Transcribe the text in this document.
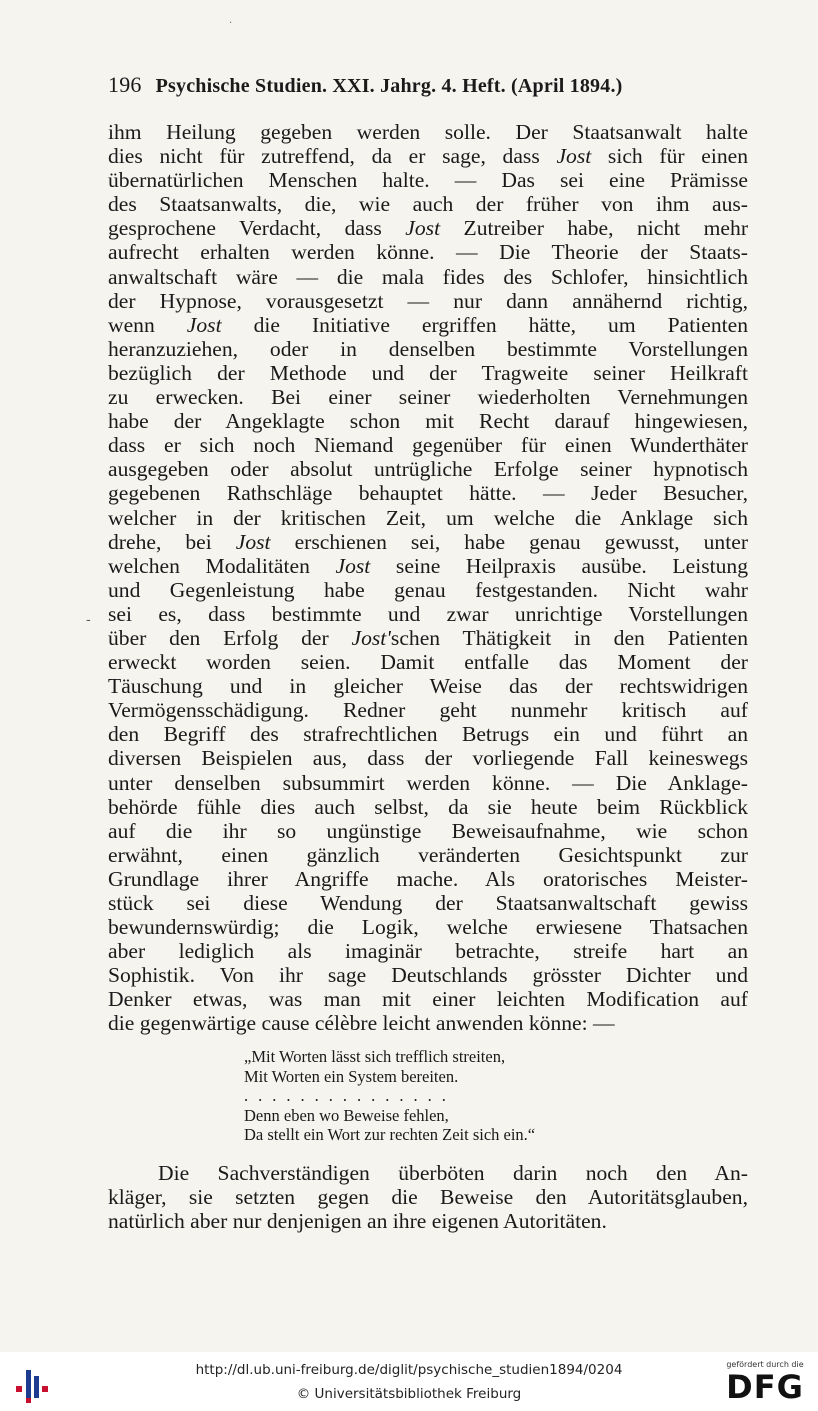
·
196 Psychische Studien. XXI. Jahrg. 4. Heft. (April 1894.)
ihm Heilung gegeben werden solle. Der Staatsanwalt halte
dies nicht für zutreffend, da er sage, dass Jost sich für einen
übernatürlichen Menschen halte. — Das sei eine Prämisse
des Staatsanwalts, die, wie auch der früher von ihm aus-
gesprochene Verdacht, dass Jost Zutreiber habe, nicht mehr
aufrecht erhalten werden könne. — Die Theorie der Staats-
anwaltschaft wäre — die mala fides des Schlofer, hinsichtlich
der Hypnose, vorausgesetzt — nur dann annähernd richtig,
wenn Jost die Initiative ergriffen hätte, um Patienten
heranzuziehen, oder in denselben bestimmte Vorstellungen
bezüglich der Methode und der Tragweite seiner Heilkraft
zu erwecken. Bei einer seiner wiederholten Vernehmungen
habe der Angeklagte schon mit Recht darauf hingewiesen,
dass er sich noch Niemand gegenüber für einen Wunderthäter
ausgegeben oder absolut untrügliche Erfolge seiner hypnotisch
gegebenen Rathschläge behauptet hätte. — Jeder Besucher,
welcher in der kritischen Zeit, um welche die Anklage sich
drehe, bei Jost erschienen sei, habe genau gewusst, unter
welchen Modalitäten Jost seine Heilpraxis ausübe. Leistung
und Gegenleistung habe genau festgestanden. Nicht wahr
sei es, dass bestimmte und zwar unrichtige Vorstellungen
über den Erfolg der Jost'schen Thätigkeit in den Patienten
erweckt worden seien. Damit entfalle das Moment der
Täuschung und in gleicher Weise das der rechtswidrigen
Vermögensschädigung. Redner geht nunmehr kritisch auf
den Begriff des strafrechtlichen Betrugs ein und führt an
diversen Beispielen aus, dass der vorliegende Fall keineswegs
unter denselben subsummirt werden könne. — Die Anklage-
behörde fühle dies auch selbst, da sie heute beim Rückblick
auf die ihr so ungünstige Beweisaufnahme, wie schon
erwähnt, einen gänzlich veränderten Gesichtspunkt zur
Grundlage ihrer Angriffe mache. Als oratorisches Meister-
stück sei diese Wendung der Staatsanwaltschaft gewiss
bewundernswürdig; die Logik, welche erwiesene Thatsachen
aber lediglich als imaginär betrachte, streife hart an
Sophistik. Von ihr sage Deutschlands grösster Dichter und
Denker etwas, was man mit einer leichten Modification auf
die gegenwärtige cause célèbre leicht anwenden könne: —
-
„Mit Worten lässt sich trefflich streiten,
Mit Worten ein System bereiten.
...............
Denn eben wo Beweise fehlen,
Da stellt ein Wort zur rechten Zeit sich ein.“
Die Sachverständigen überböten darin noch den An-
kläger, sie setzten gegen die Beweise den Autoritätsglauben,
natürlich aber nur denjenigen an ihre eigenen Autoritäten.
http://dl.ub.uni-freiburg.de/diglit/psychische_studien1894/0204
© Universitätsbibliothek Freiburg
gefördert durch die
DFG
